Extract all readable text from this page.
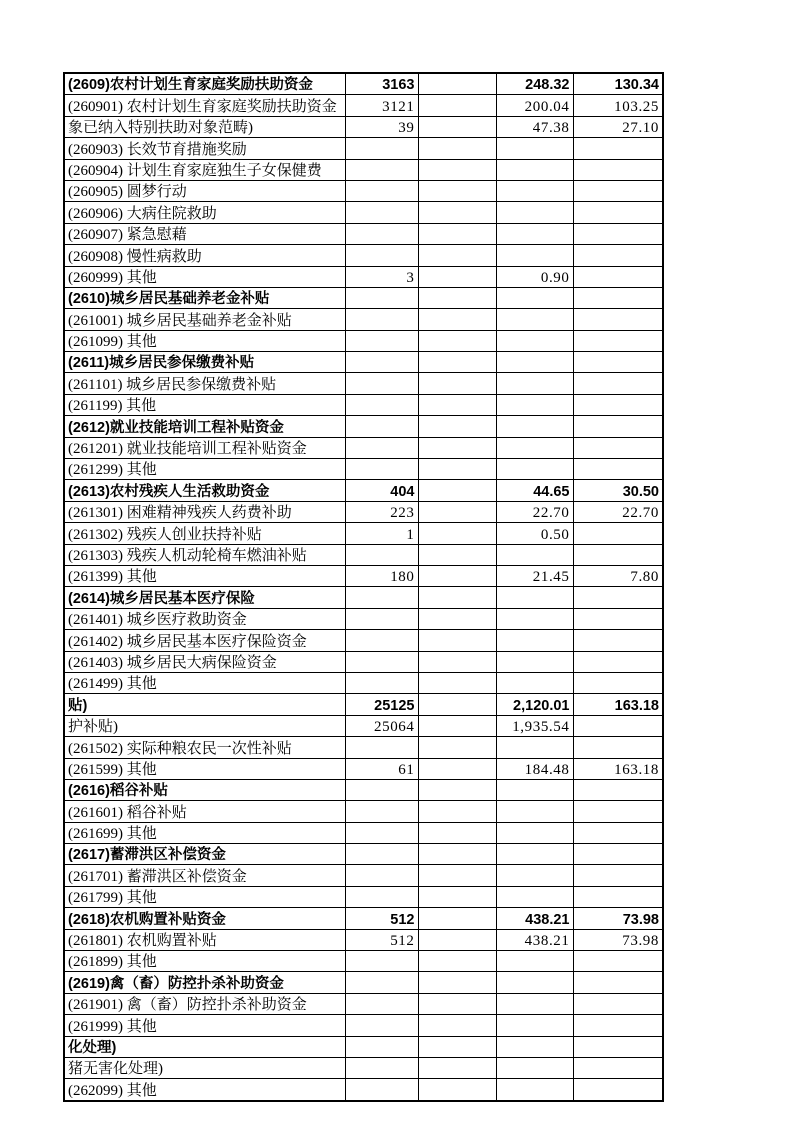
(2609)农村计划生育家庭奖励扶助资金	3163		248.32	130.34
(260901) 农村计划生育家庭奖励扶助资金	3121		200.04	103.25
象已纳入特别扶助对象范畴)	39		47.38	27.10
(260903) 长效节育措施奖励				
(260904) 计划生育家庭独生子女保健费				
(260905) 圆梦行动				
(260906) 大病住院救助				
(260907) 紧急慰藉				
(260908) 慢性病救助				
(260999) 其他	3		0.90	
(2610)城乡居民基础养老金补贴				
(261001) 城乡居民基础养老金补贴				
(261099) 其他				
(2611)城乡居民参保缴费补贴				
(261101) 城乡居民参保缴费补贴				
(261199) 其他				
(2612)就业技能培训工程补贴资金				
(261201) 就业技能培训工程补贴资金				
(261299) 其他				
(2613)农村残疾人生活救助资金	404		44.65	30.50
(261301) 困难精神残疾人药费补助	223		22.70	22.70
(261302) 残疾人创业扶持补贴	1		0.50	
(261303) 残疾人机动轮椅车燃油补贴				
(261399) 其他	180		21.45	7.80
(2614)城乡居民基本医疗保险				
(261401) 城乡医疗救助资金				
(261402) 城乡居民基本医疗保险资金				
(261403) 城乡居民大病保险资金				
(261499) 其他				

贴)	25125		2,120.01	163.18

护补贴)	25064		1,935.54	
(261502) 实际种粮农民一次性补贴				
(261599) 其他	61		184.48	163.18
(2616)稻谷补贴				
(261601) 稻谷补贴				
(261699) 其他				
(2617)蓄滞洪区补偿资金				
(261701) 蓄滞洪区补偿资金				
(261799) 其他				
(2618)农机购置补贴资金	512		438.21	73.98
(261801) 农机购置补贴	512		438.21	73.98
(261899) 其他				
(2619)禽（畜）防控扑杀补助资金				
(261901) 禽（畜）防控扑杀补助资金				
(261999) 其他				

化处理)				

猪无害化处理)				

(262099) 其他				
